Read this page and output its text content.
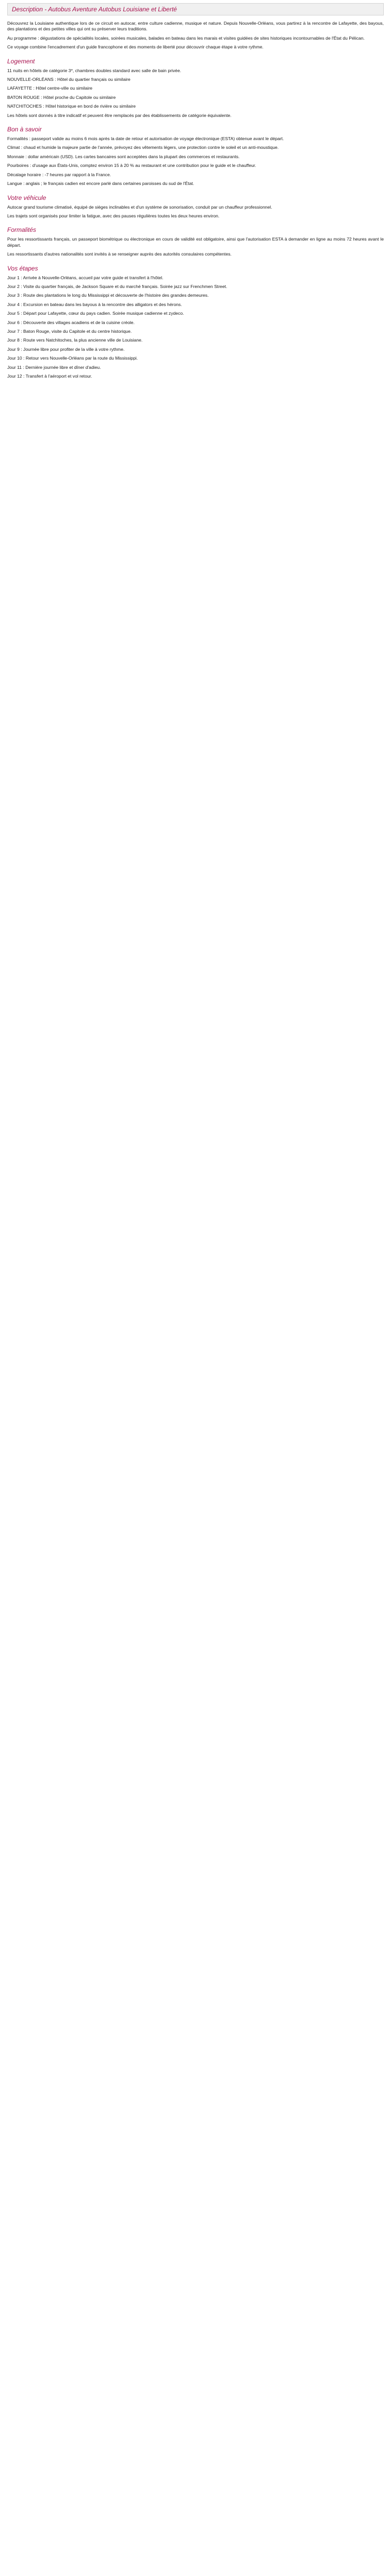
Description - Autobus Aventure Autobus Louisiane et Liberté

Découvrez la Louisiane authentique lors de ce circuit en autocar, entre culture cadienne, musique et nature. Depuis Nouvelle-Orléans, vous partirez à la rencontre de Lafayette, des bayous, des plantations et des petites villes qui ont su préserver leurs traditions.

Au programme : dégustations de spécialités locales, soirées musicales, balades en bateau dans les marais et visites guidées de sites historiques incontournables de l'État du Pélican.

Ce voyage combine l'encadrement d'un guide francophone et des moments de liberté pour découvrir chaque étape à votre rythme.

Logement

11 nuits en hôtels de catégorie 3*, chambres doubles standard avec salle de bain privée.

NOUVELLE-ORLÉANS : Hôtel du quartier français ou similaire

LAFAYETTE : Hôtel centre-ville ou similaire

BATON ROUGE : Hôtel proche du Capitole ou similaire

NATCHITOCHES : Hôtel historique en bord de rivière ou similaire

Les hôtels sont donnés à titre indicatif et peuvent être remplacés par des établissements de catégorie équivalente.

Bon à savoir

Formalités : passeport valide au moins 6 mois après la date de retour et autorisation de voyage électronique (ESTA) obtenue avant le départ.

Climat : chaud et humide la majeure partie de l'année, prévoyez des vêtements légers, une protection contre le soleil et un anti-moustique.

Monnaie : dollar américain (USD). Les cartes bancaires sont acceptées dans la plupart des commerces et restaurants.

Pourboires : d'usage aux États-Unis, comptez environ 15 à 20 % au restaurant et une contribution pour le guide et le chauffeur.

Décalage horaire : -7 heures par rapport à la France.

Langue : anglais ; le français cadien est encore parlé dans certaines paroisses du sud de l'État.

Votre véhicule

Autocar grand tourisme climatisé, équipé de sièges inclinables et d'un système de sonorisation, conduit par un chauffeur professionnel.

Les trajets sont organisés pour limiter la fatigue, avec des pauses régulières toutes les deux heures environ.

Formalités

Pour les ressortissants français, un passeport biométrique ou électronique en cours de validité est obligatoire, ainsi que l'autorisation ESTA à demander en ligne au moins 72 heures avant le départ.

Les ressortissants d'autres nationalités sont invités à se renseigner auprès des autorités consulaires compétentes.

Vos étapes

Jour 1 : Arrivée à Nouvelle-Orléans, accueil par votre guide et transfert à l'hôtel.

Jour 2 : Visite du quartier français, de Jackson Square et du marché français. Soirée jazz sur Frenchmen Street.

Jour 3 : Route des plantations le long du Mississippi et découverte de l'histoire des grandes demeures.

Jour 4 : Excursion en bateau dans les bayous à la rencontre des alligators et des hérons.

Jour 5 : Départ pour Lafayette, cœur du pays cadien. Soirée musique cadienne et zydeco.

Jour 6 : Découverte des villages acadiens et de la cuisine créole.

Jour 7 : Baton Rouge, visite du Capitole et du centre historique.

Jour 8 : Route vers Natchitoches, la plus ancienne ville de Louisiane.

Jour 9 : Journée libre pour profiter de la ville à votre rythme.

Jour 10 : Retour vers Nouvelle-Orléans par la route du Mississippi.

Jour 11 : Dernière journée libre et dîner d'adieu.

Jour 12 : Transfert à l'aéroport et vol retour.
